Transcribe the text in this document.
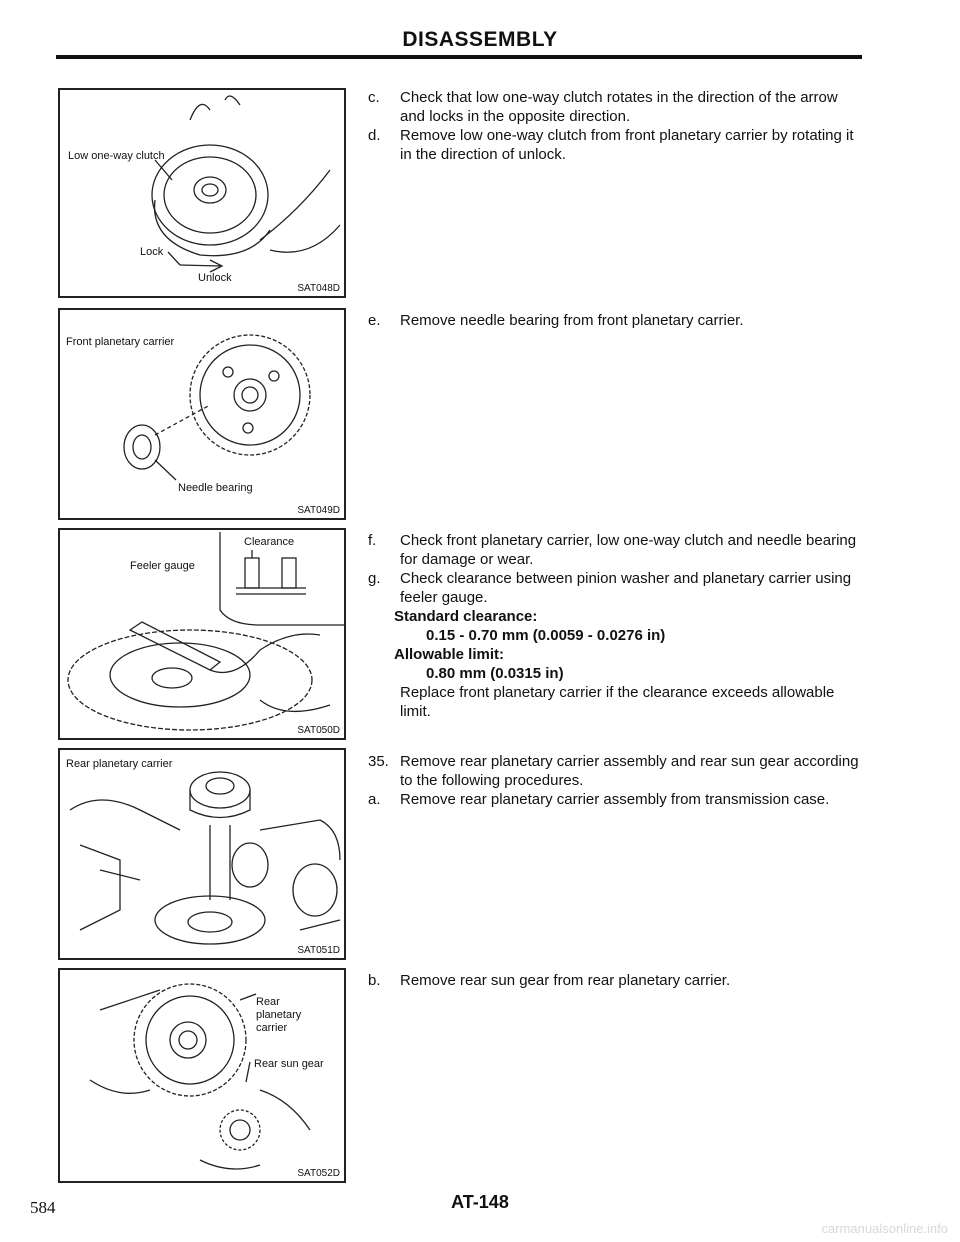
DISASSEMBLY
Low one-way clutch
Lock
Unlock
SAT048D
Front planetary carrier
Needle bearing
SAT049D
Clearance
Feeler gauge
SAT050D
Rear planetary carrier
SAT051D
Rear planetary carrier
Rear sun gear
SAT052D
c. Check that low one-way clutch rotates in the direction of the arrow and locks in the opposite direction.
d. Remove low one-way clutch from front planetary carrier by rotating it in the direction of unlock.
e. Remove needle bearing from front planetary carrier.
f. Check front planetary carrier, low one-way clutch and needle bearing for damage or wear.
g. Check clearance between pinion washer and planetary carrier using feeler gauge.
Standard clearance:
0.15 - 0.70 mm (0.0059 - 0.0276 in)
Allowable limit:
0.80 mm (0.0315 in)
Replace front planetary carrier if the clearance exceeds allowable limit.
35. Remove rear planetary carrier assembly and rear sun gear according to the following procedures.
a. Remove rear planetary carrier assembly from transmission case.
b. Remove rear sun gear from rear planetary carrier.
584	AT-148
carmanualsonline.info
